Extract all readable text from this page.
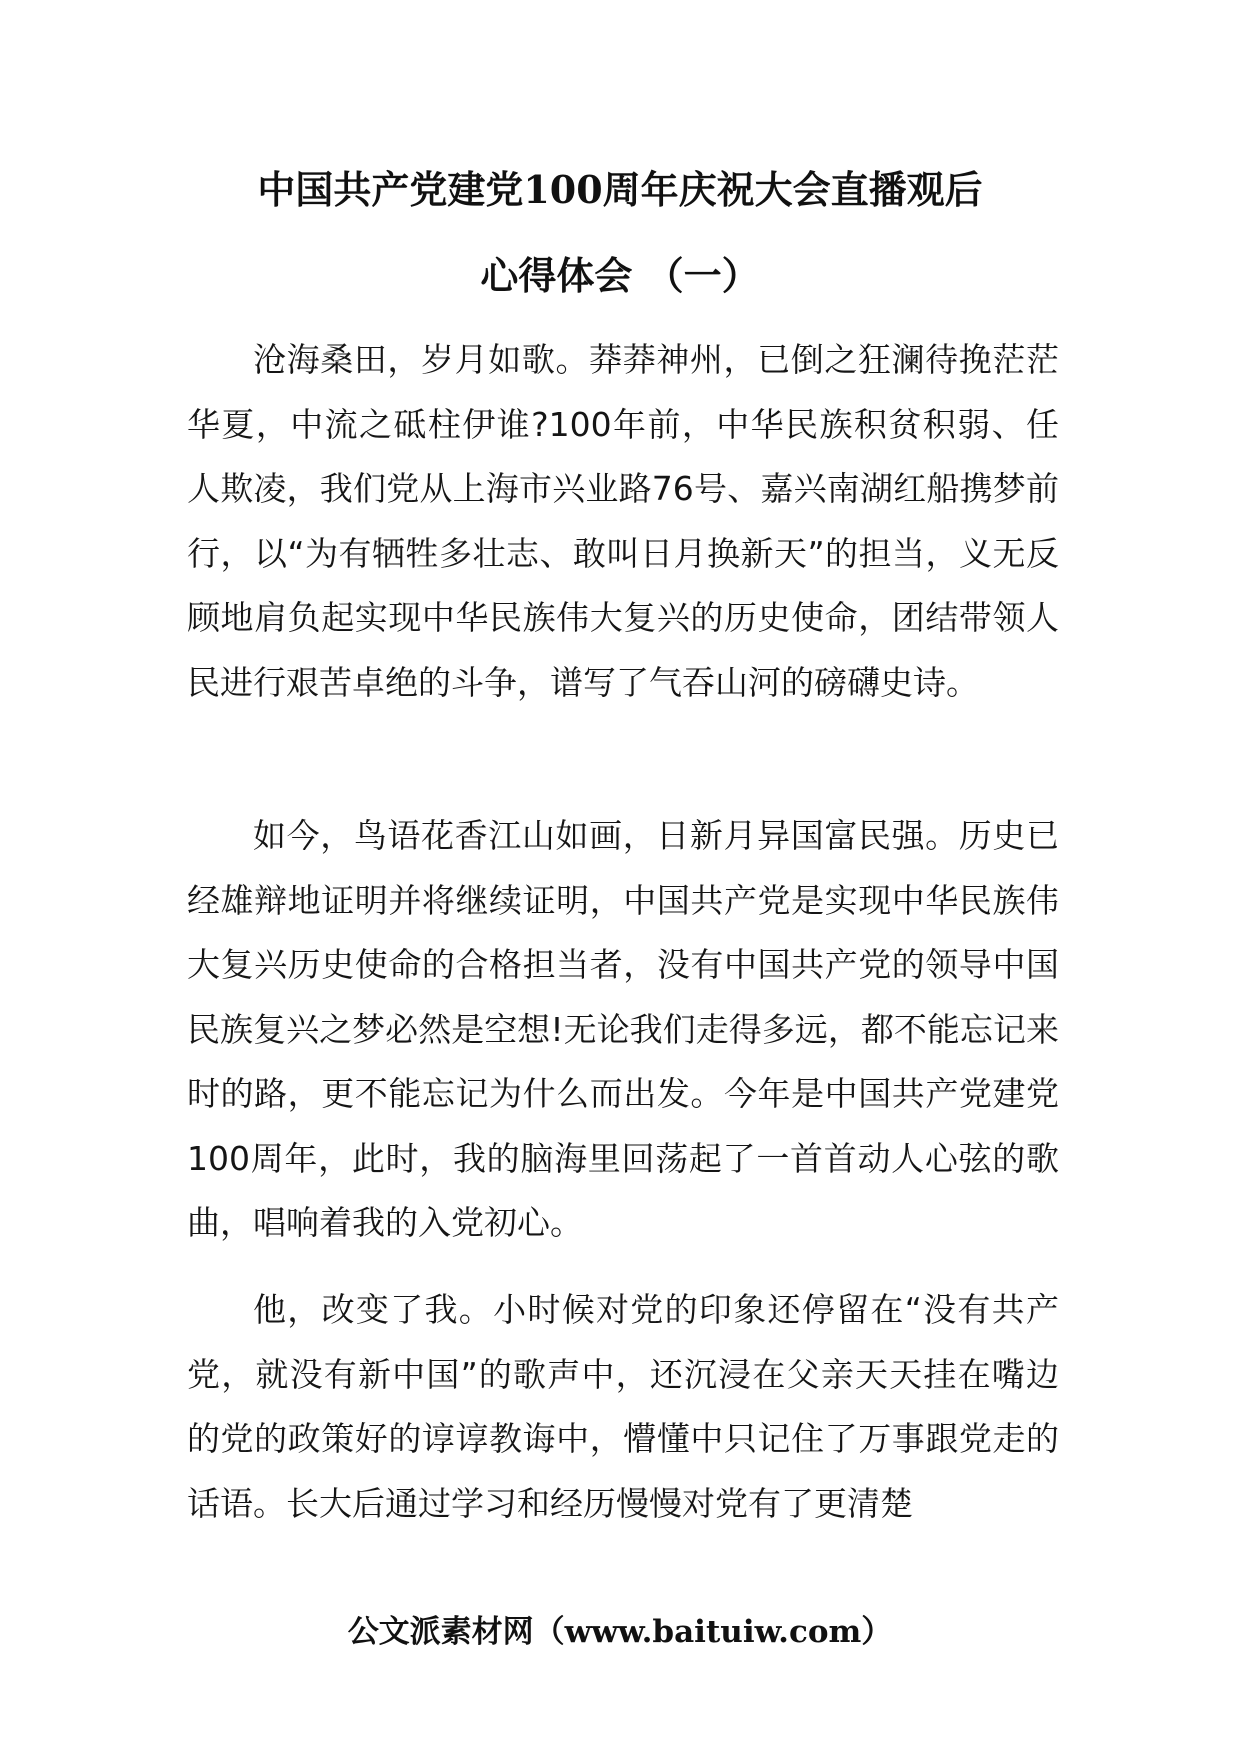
中国共产党建党100周年庆祝大会直播观后
心得体会 （一）

沧海桑田，岁月如歌。莽莽神州，已倒之狂澜待挽茫茫华夏，中流之砥柱伊谁?100年前，中华民族积贫积弱、任人欺凌，我们党从上海市兴业路76号、嘉兴南湖红船携梦前行，以“为有牺牲多壮志、敢叫日月换新天”的担当，义无反顾地肩负起实现中华民族伟大复兴的历史使命，团结带领人民进行艰苦卓绝的斗争，谱写了气吞山河的磅礴史诗。

如今，鸟语花香江山如画，日新月异国富民强。历史已经雄辩地证明并将继续证明，中国共产党是实现中华民族伟大复兴历史使命的合格担当者，没有中国共产党的领导中国民族复兴之梦必然是空想!无论我们走得多远，都不能忘记来时的路，更不能忘记为什么而出发。今年是中国共产党建党100周年，此时，我的脑海里回荡起了一首首动人心弦的歌曲，唱响着我的入党初心。

他，改变了我。小时候对党的印象还停留在“没有共产党，就没有新中国”的歌声中，还沉浸在父亲天天挂在嘴边的党的政策好的谆谆教诲中，懵懂中只记住了万事跟党走的话语。长大后通过学习和经历慢慢对党有了更清楚

公文派素材网（www.baituiw.com）
